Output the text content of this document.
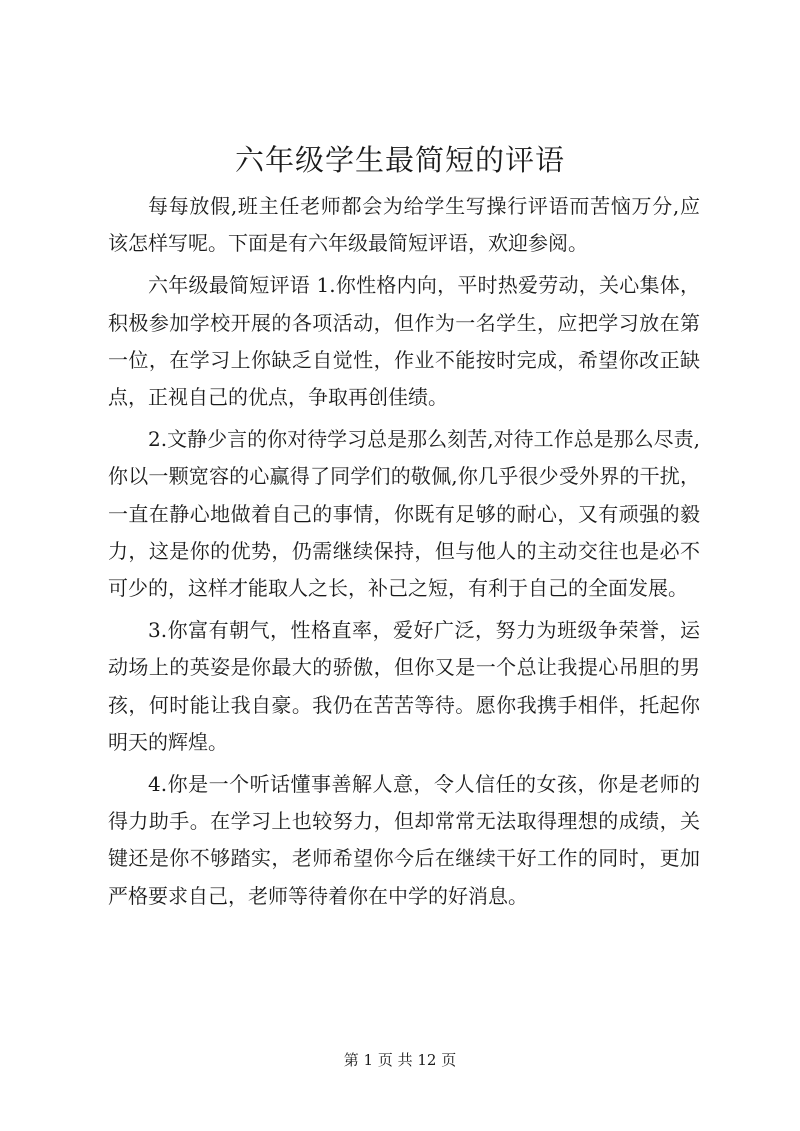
六年级学生最简短的评语

每每放假,班主任老师都会为给学生写操行评语而苦恼万分,应该怎样写呢。下面是有六年级最简短评语，欢迎参阅。

六年级最简短评语 1.你性格内向，平时热爱劳动，关心集体，积极参加学校开展的各项活动，但作为一名学生，应把学习放在第一位，在学习上你缺乏自觉性，作业不能按时完成，希望你改正缺点，正视自己的优点，争取再创佳绩。

2.文静少言的你对待学习总是那么刻苦,对待工作总是那么尽责,你以一颗宽容的心赢得了同学们的敬佩,你几乎很少受外界的干扰，一直在静心地做着自己的事情，你既有足够的耐心，又有顽强的毅力，这是你的优势，仍需继续保持，但与他人的主动交往也是必不可少的，这样才能取人之长，补己之短，有利于自己的全面发展。

3.你富有朝气，性格直率，爱好广泛，努力为班级争荣誉，运动场上的英姿是你最大的骄傲，但你又是一个总让我提心吊胆的男孩，何时能让我自豪。我仍在苦苦等待。愿你我携手相伴，托起你明天的辉煌。

4.你是一个听话懂事善解人意，令人信任的女孩，你是老师的得力助手。在学习上也较努力，但却常常无法取得理想的成绩，关键还是你不够踏实，老师希望你今后在继续干好工作的同时，更加严格要求自己，老师等待着你在中学的好消息。

第 1 页 共 12 页
